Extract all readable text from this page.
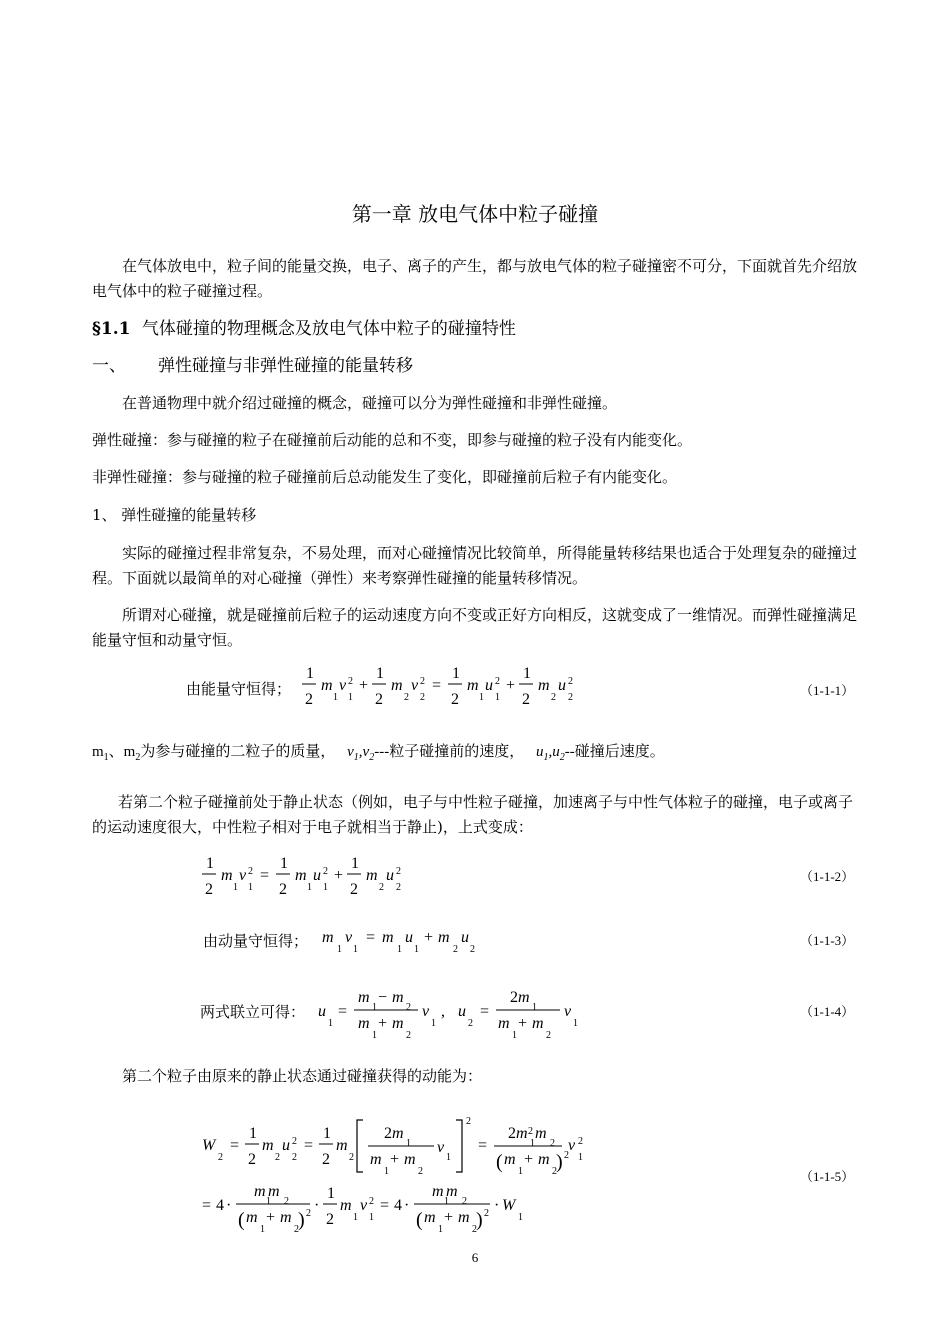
第一章 放电气体中粒子碰撞
在气体放电中，粒子间的能量交换，电子、离子的产生，都与放电气体的粒子碰撞密不可分，下面就首先介绍放电气体中的粒子碰撞过程。
§1.1 气体碰撞的物理概念及放电气体中粒子的碰撞特性
一、 弹性碰撞与非弹性碰撞的能量转移
在普通物理中就介绍过碰撞的概念，碰撞可以分为弹性碰撞和非弹性碰撞。
弹性碰撞：参与碰撞的粒子在碰撞前后动能的总和不变，即参与碰撞的粒子没有内能变化。
非弹性碰撞：参与碰撞的粒子碰撞前后总动能发生了变化，即碰撞前后粒子有内能变化。
1、 弹性碰撞的能量转移
实际的碰撞过程非常复杂，不易处理，而对心碰撞情况比较简单，所得能量转移结果也适合于处理复杂的碰撞过程。下面就以最简单的对心碰撞（弹性）来考察弹性碰撞的能量转移情况。
所谓对心碰撞，就是碰撞前后粒子的运动速度方向不变或正好方向相反，这就变成了一维情况。而弹性碰撞满足能量守恒和动量守恒。
由能量守恒得；
1
2
m
1
v 2
1
+
1
2
m
2
v 2
2
=
1
2
m
1
u 2
1
+
1
2
m
2
u 2
2	（1-1-1）
$m_1$、$m_2$为参与碰撞的二粒子的质量， $v_1,v_2---$粒子碰撞前的速度， $u_1,u_2--$碰撞后速度。
若第二个粒子碰撞前处于静止状态（例如，电子与中性粒子碰撞，加速离子与中性气体粒子的碰撞，电子或离子的运动速度很大，中性粒子相对于电子就相当于静止)，上式变成：
1
2
m
1
v 2
1
=
1
2
m
1
u 2
1
+
1
2
m
2
u 2
2
（1-1-2）
由动量守恒得； m
1
v
1
= m
1
u
1
+ m
2
u
2
（1-1-3）
两式联立可得： u
1
=
m
1
− m
2
m
1
+ m
2
v
1
, u
2
=
2 m
1
m
1
+ m
2
v
1
（1-1-4）
第二个粒子由原来的静止状态通过碰撞获得的动能为：
W
2
=
1
2
m
2
u 2
2
=
1
2
m
2
2 m
1
m
1
+ m
2
v
1
2
=
2 m 2 m
1 2
( m
1
+ m
2 ) 2
v 2
1
= 4 ·
m m
1 2
( m
1
+ m
2 ) 2 ·
1
2
m
1
v 2
1
= 4 ·
m m
1 2
( m
1
+ m
2 ) 2 · W
1
（1-1-5）
6
